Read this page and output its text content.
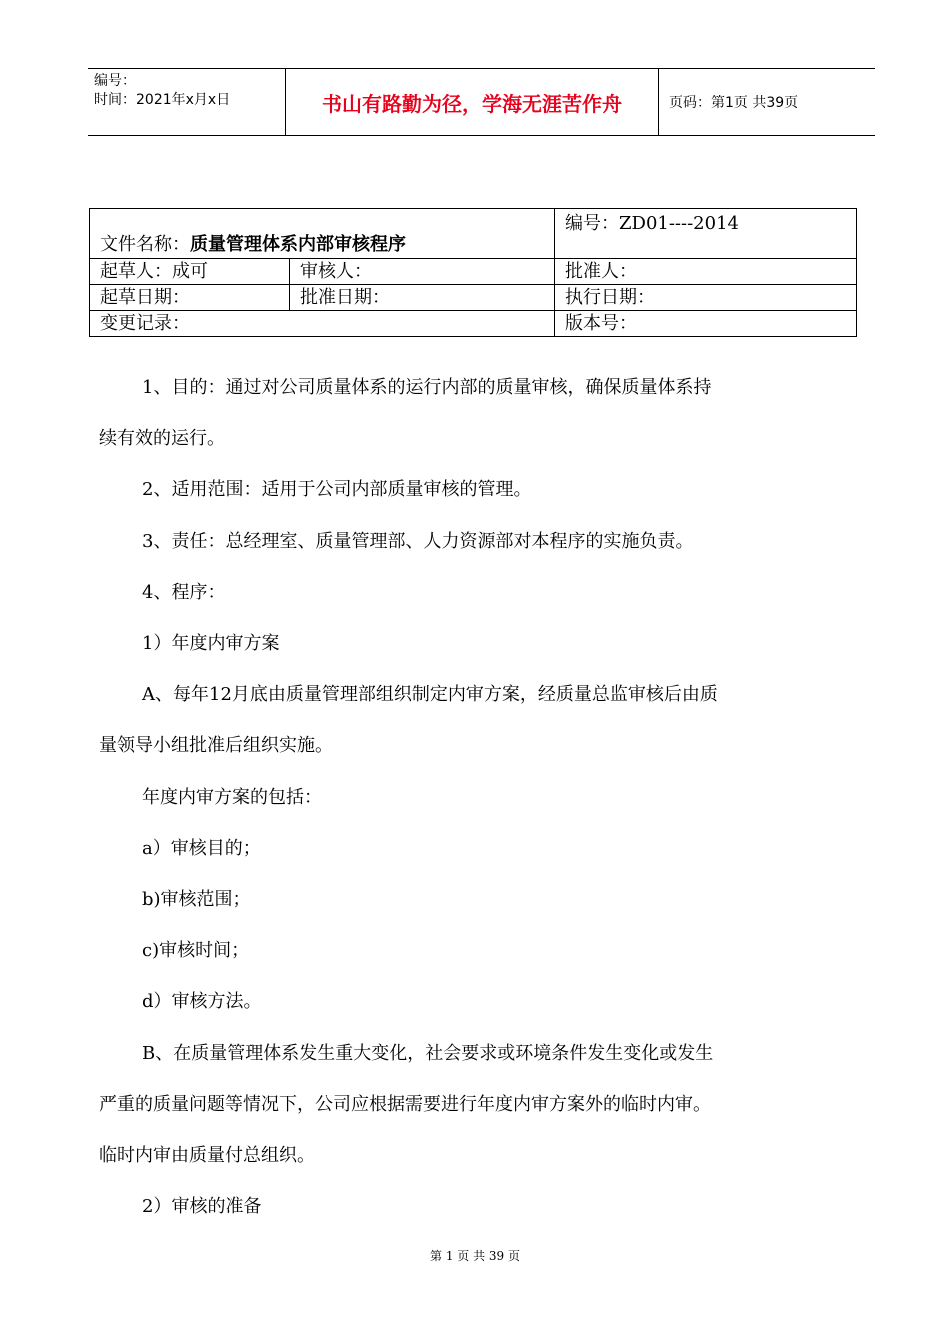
编号：
时间：2021年x月x日	书山有路勤为径，学海无涯苦作舟	页码：第1页 共39页
文件名称：质量管理体系内部审核程序		编号：ZD01----2014
起草人：成可	审核人：	批准人：
起草日期：	批准日期：	执行日期：
变更记录：		版本号：

1、目的：通过对公司质量体系的运行内部的质量审核，确保质量体系持

续有效的运行。

2、适用范围：适用于公司内部质量审核的管理。

3、责任：总经理室、质量管理部、人力资源部对本程序的实施负责。

4、程序：

1）年度内审方案

A、每年12月底由质量管理部组织制定内审方案，经质量总监审核后由质

量领导小组批准后组织实施。

年度内审方案的包括：

a）审核目的；

b)审核范围；

c)审核时间；

d）审核方法。

B、在质量管理体系发生重大变化，社会要求或环境条件发生变化或发生

严重的质量问题等情况下，公司应根据需要进行年度内审方案外的临时内审。

临时内审由质量付总组织。

2）审核的准备

第 1 页 共 39 页
